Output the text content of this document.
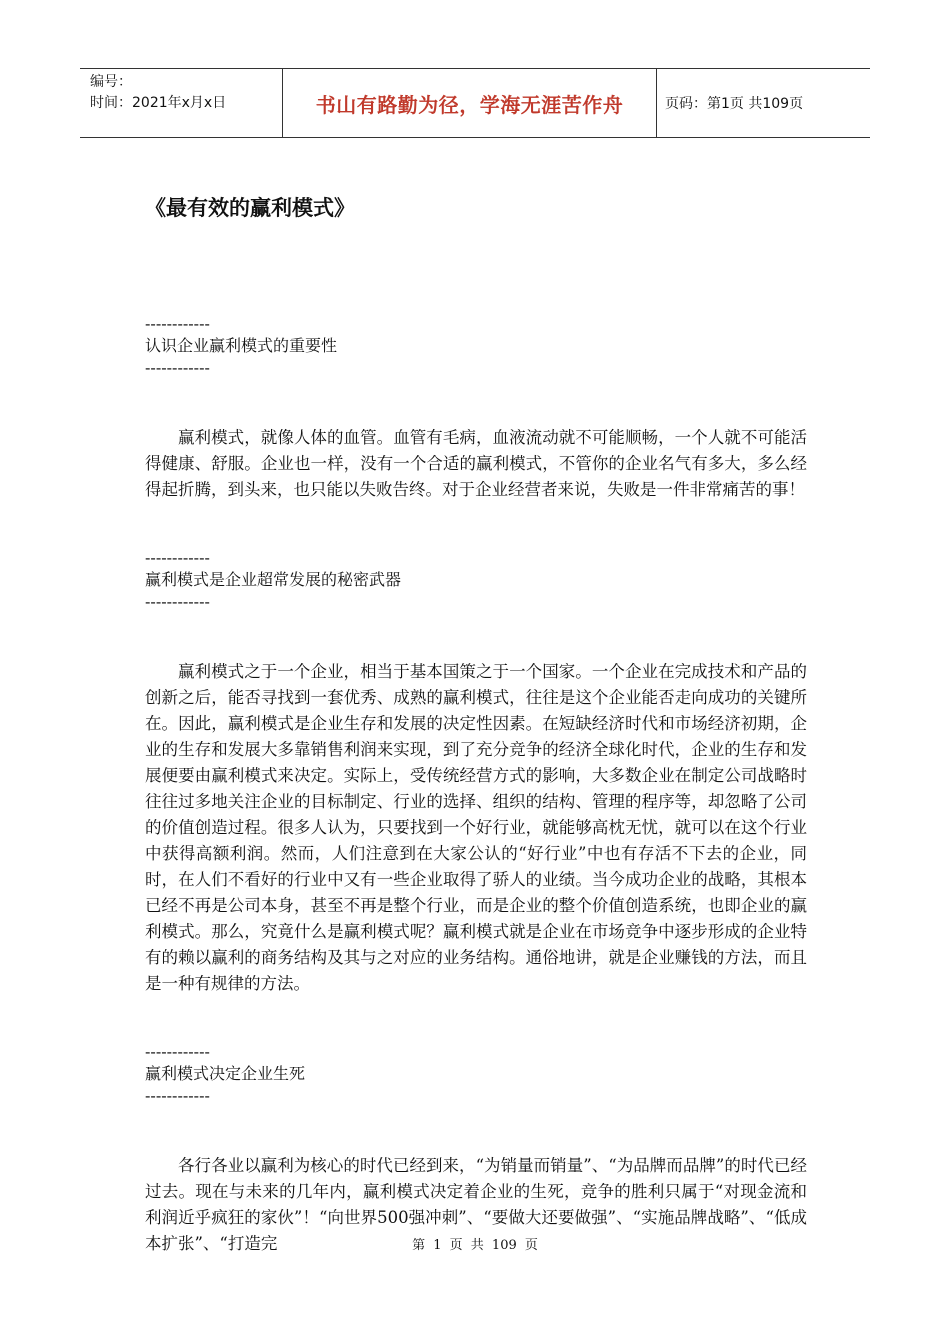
编号：
时间：2021年x月x日	书山有路勤为径，学海无涯苦作舟	页码：第1页 共109页
《最有效的赢利模式》
------------
认识企业赢利模式的重要性
------------

赢利模式，就像人体的血管。血管有毛病，血液流动就不可能顺畅，一个人就不可能活得健康、舒服。企业也一样，没有一个合适的赢利模式，不管你的企业名气有多大，多么经得起折腾，到头来，也只能以失败告终。对于企业经营者来说，失败是一件非常痛苦的事！

------------
赢利模式是企业超常发展的秘密武器
------------

赢利模式之于一个企业，相当于基本国策之于一个国家。一个企业在完成技术和产品的创新之后，能否寻找到一套优秀、成熟的赢利模式，往往是这个企业能否走向成功的关键所在。因此，赢利模式是企业生存和发展的决定性因素。在短缺经济时代和市场经济初期，企业的生存和发展大多靠销售利润来实现，到了充分竞争的经济全球化时代，企业的生存和发展便要由赢利模式来决定。实际上，受传统经营方式的影响，大多数企业在制定公司战略时往往过多地关注企业的目标制定、行业的选择、组织的结构、管理的程序等，却忽略了公司的价值创造过程。很多人认为，只要找到一个好行业，就能够高枕无忧，就可以在这个行业中获得高额利润。然而，人们注意到在大家公认的“好行业”中也有存活不下去的企业，同时，在人们不看好的行业中又有一些企业取得了骄人的业绩。当今成功企业的战略，其根本已经不再是公司本身，甚至不再是整个行业，而是企业的整个价值创造系统，也即企业的赢利模式。那么，究竟什么是赢利模式呢？赢利模式就是企业在市场竞争中逐步形成的企业特有的赖以赢利的商务结构及其与之对应的业务结构。通俗地讲，就是企业赚钱的方法，而且是一种有规律的方法。

------------
赢利模式决定企业生死
------------

各行各业以赢利为核心的时代已经到来，“为销量而销量”、“为品牌而品牌”的时代已经过去。现在与未来的几年内，赢利模式决定着企业的生死，竞争的胜利只属于“对现金流和利润近乎疯狂的家伙”！“向世界500强冲刺”、“要做大还要做强”、“实施品牌战略”、“低成本扩张”、“打造完	第 1 页 共 109 页
